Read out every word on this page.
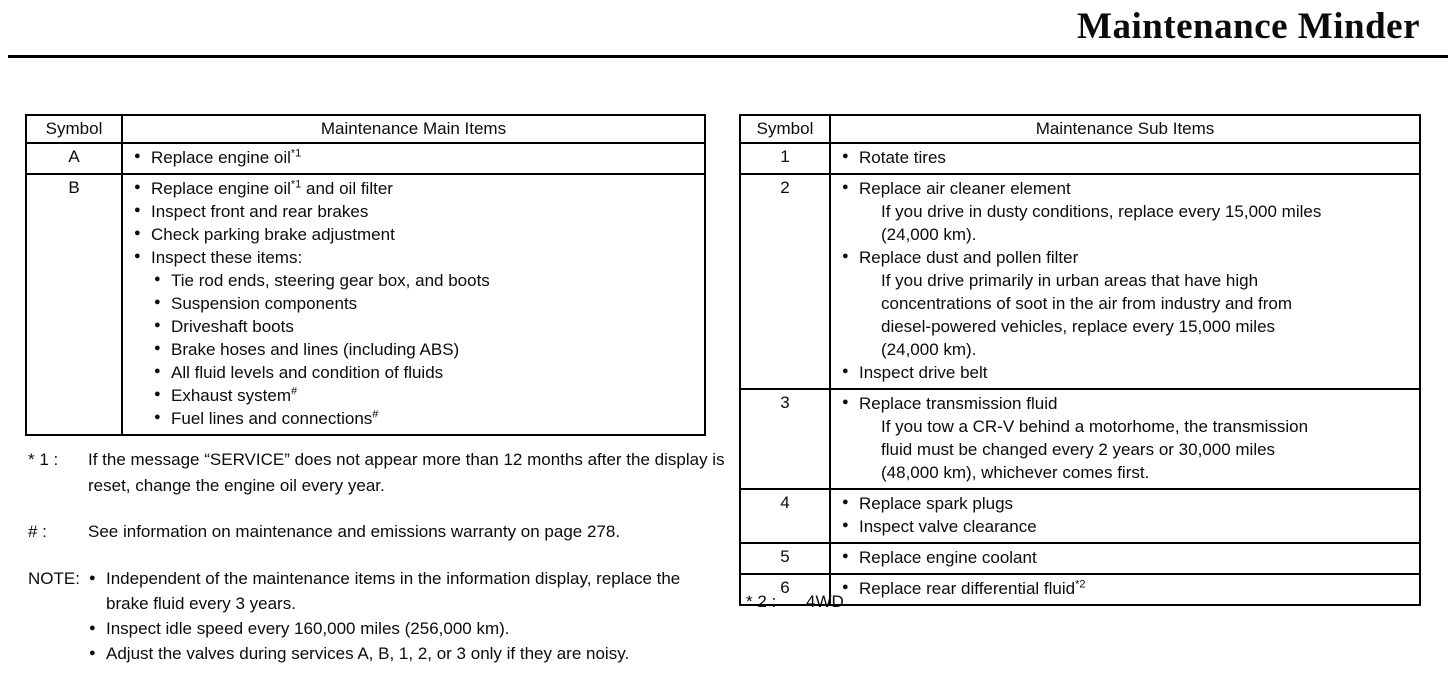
Maintenance Minder
Symbol	Maintenance Main Items
A	● Replace engine oil$^{*1}$

B	● Replace engine oil$^{*1}$ and oil filter
● Inspect front and rear brakes
● Check parking brake adjustment
● Inspect these items:
● Tie rod ends, steering gear box, and boots
● Suspension components
● Driveshaft boots
● Brake hoses and lines (including ABS)
● All fluid levels and condition of fluids
● Exhaust system#
● Fuel lines and connections#
Symbol	Maintenance Sub Items
1	● Rotate tires

2	● Replace air cleaner element
If you drive in dusty conditions, replace every 15,000 miles (24,000 km).
● Replace dust and pollen filter
If you drive primarily in urban areas that have high concentrations of soot in the air from industry and from diesel-powered vehicles, replace every 15,000 miles (24,000 km).
● Inspect drive belt

3	● Replace transmission fluid
If you tow a CR-V behind a motorhome, the transmission fluid must be changed every 2 years or 30,000 miles (48,000 km), whichever comes first.

4	● Replace spark plugs
● Inspect valve clearance

5	● Replace engine coolant

6	● Replace rear differential fluid$^{*2}$
* 1 :	If the message “SERVICE” does not appear more than 12 months after the display is reset, change the engine oil every year.
# :	See information on maintenance and emissions warranty on page 278.
NOTE: ● Independent of the maintenance items in the information display, replace the brake fluid every 3 years.
● Inspect idle speed every 160,000 miles (256,000 km).
● Adjust the valves during services A, B, 1, 2, or 3 only if they are noisy.
* 2 :	4WD
